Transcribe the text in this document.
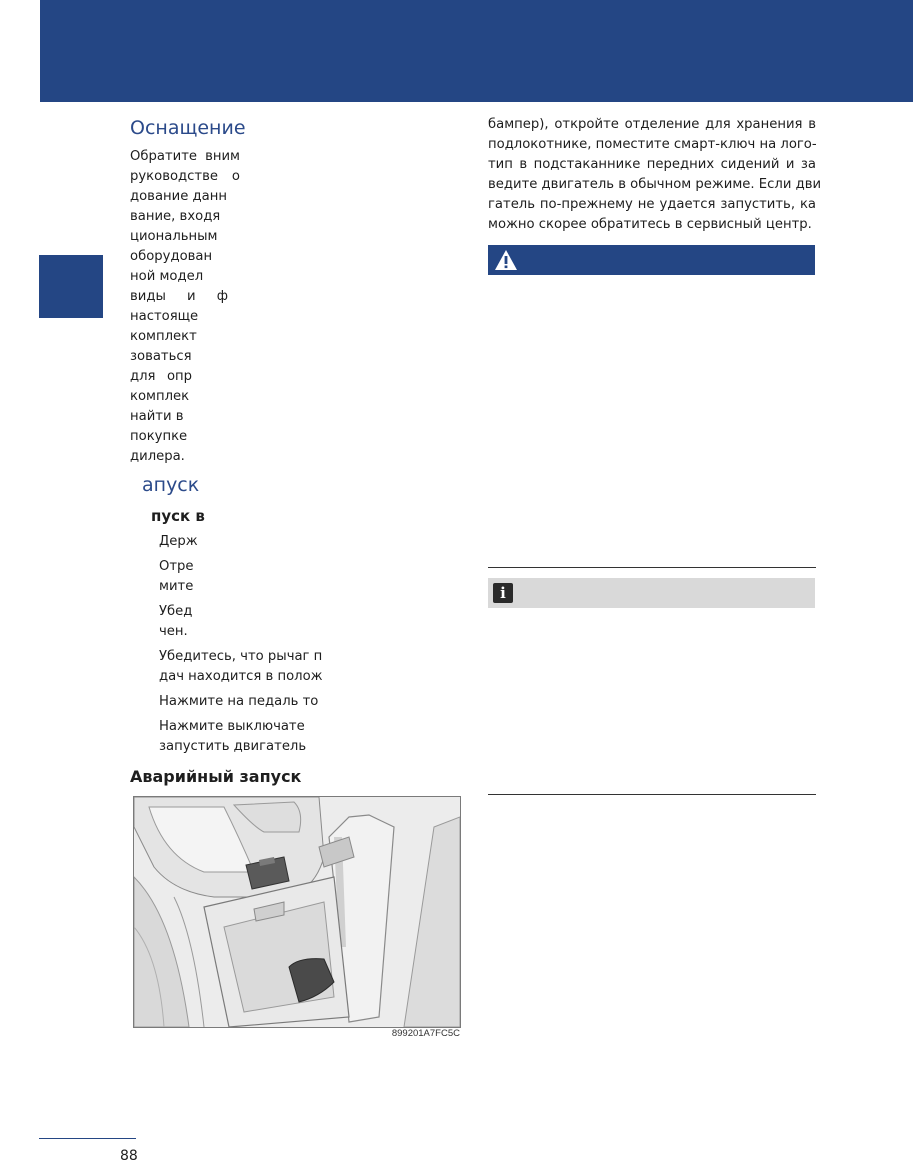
Оснащение
Обратите вним
руководстве о
дование данн
вание, входя
циональным
оборудован
ной модел
виды и ф
настояще
комплект
зоваться
для опр
комплек
найти в
покупке
дилера.
апуск
пуск в
Держ
Отре
мите
Убед
чен.
Убедитесь, что рычаг п
дач находится в полож
Нажмите на педаль то
Нажмите выключате
запустить двигатель
Аварийный запуск
899201A7FC5C
бампер), откройте отделение для хранения в
подлокотнике, поместите смарт-ключ на лого-
тип в подстаканнике передних сидений и за
ведите двигатель в обычном режиме. Если дви
гатель по-прежнему не удается запустить, ка
можно скорее обратитесь в сервисный центр.
i
88
